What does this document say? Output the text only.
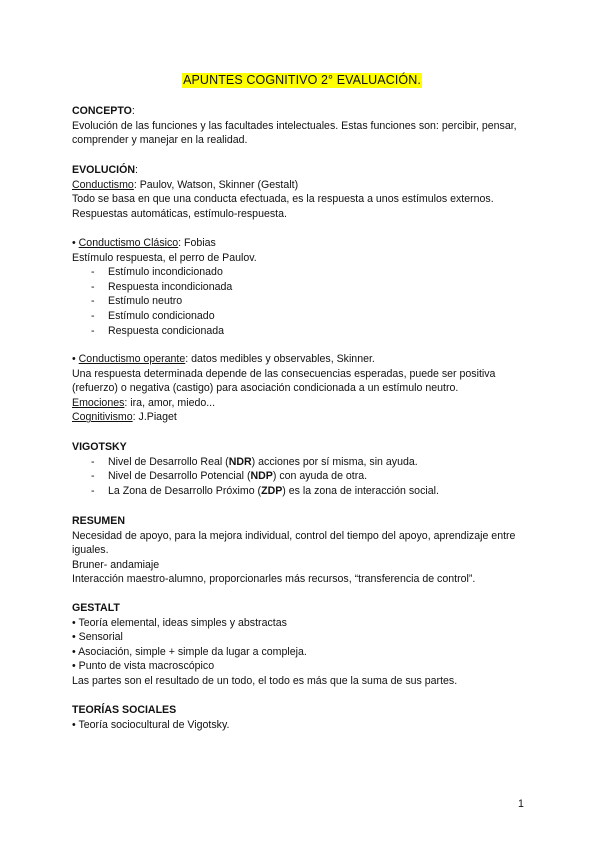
APUNTES COGNITIVO 2° EVALUACIÓN.

CONCEPTO:

Evolución de las funciones y las facultades intelectuales. Estas funciones son: percibir, pensar, comprender y manejar en la realidad.

EVOLUCIÓN:

Conductismo: Paulov, Watson, Skinner (Gestalt)

Todo se basa en que una conducta efectuada, es la respuesta a unos estímulos externos. Respuestas automáticas, estímulo-respuesta.

• Conductismo Clásico: Fobias

Estímulo respuesta, el perro de Paulov.

- Estímulo incondicionado
- Respuesta incondicionada
- Estímulo neutro
- Estímulo condicionado
- Respuesta condicionada

• Conductismo operante: datos medibles y observables, Skinner.

Una respuesta determinada depende de las consecuencias esperadas, puede ser positiva (refuerzo) o negativa (castigo) para asociación condicionada a un estímulo neutro.

Emociones: ira, amor, miedo...

Cognitivismo: J.Piaget

VIGOTSKY

- Nivel de Desarrollo Real (NDR) acciones por sí misma, sin ayuda.
- Nivel de Desarrollo Potencial (NDP) con ayuda de otra.
- La Zona de Desarrollo Próximo (ZDP) es la zona de interacción social.

RESUMEN

Necesidad de apoyo, para la mejora individual, control del tiempo del apoyo, aprendizaje entre iguales.

Bruner- andamiaje

Interacción maestro-alumno, proporcionarles más recursos, “transferencia de control”.

GESTALT

• Teoría elemental, ideas simples y abstractas

• Sensorial

• Asociación, simple + simple da lugar a compleja.

• Punto de vista macroscópico

Las partes son el resultado de un todo, el todo es más que la suma de sus partes.

TEORÍAS SOCIALES

• Teoría sociocultural de Vigotsky.

1
